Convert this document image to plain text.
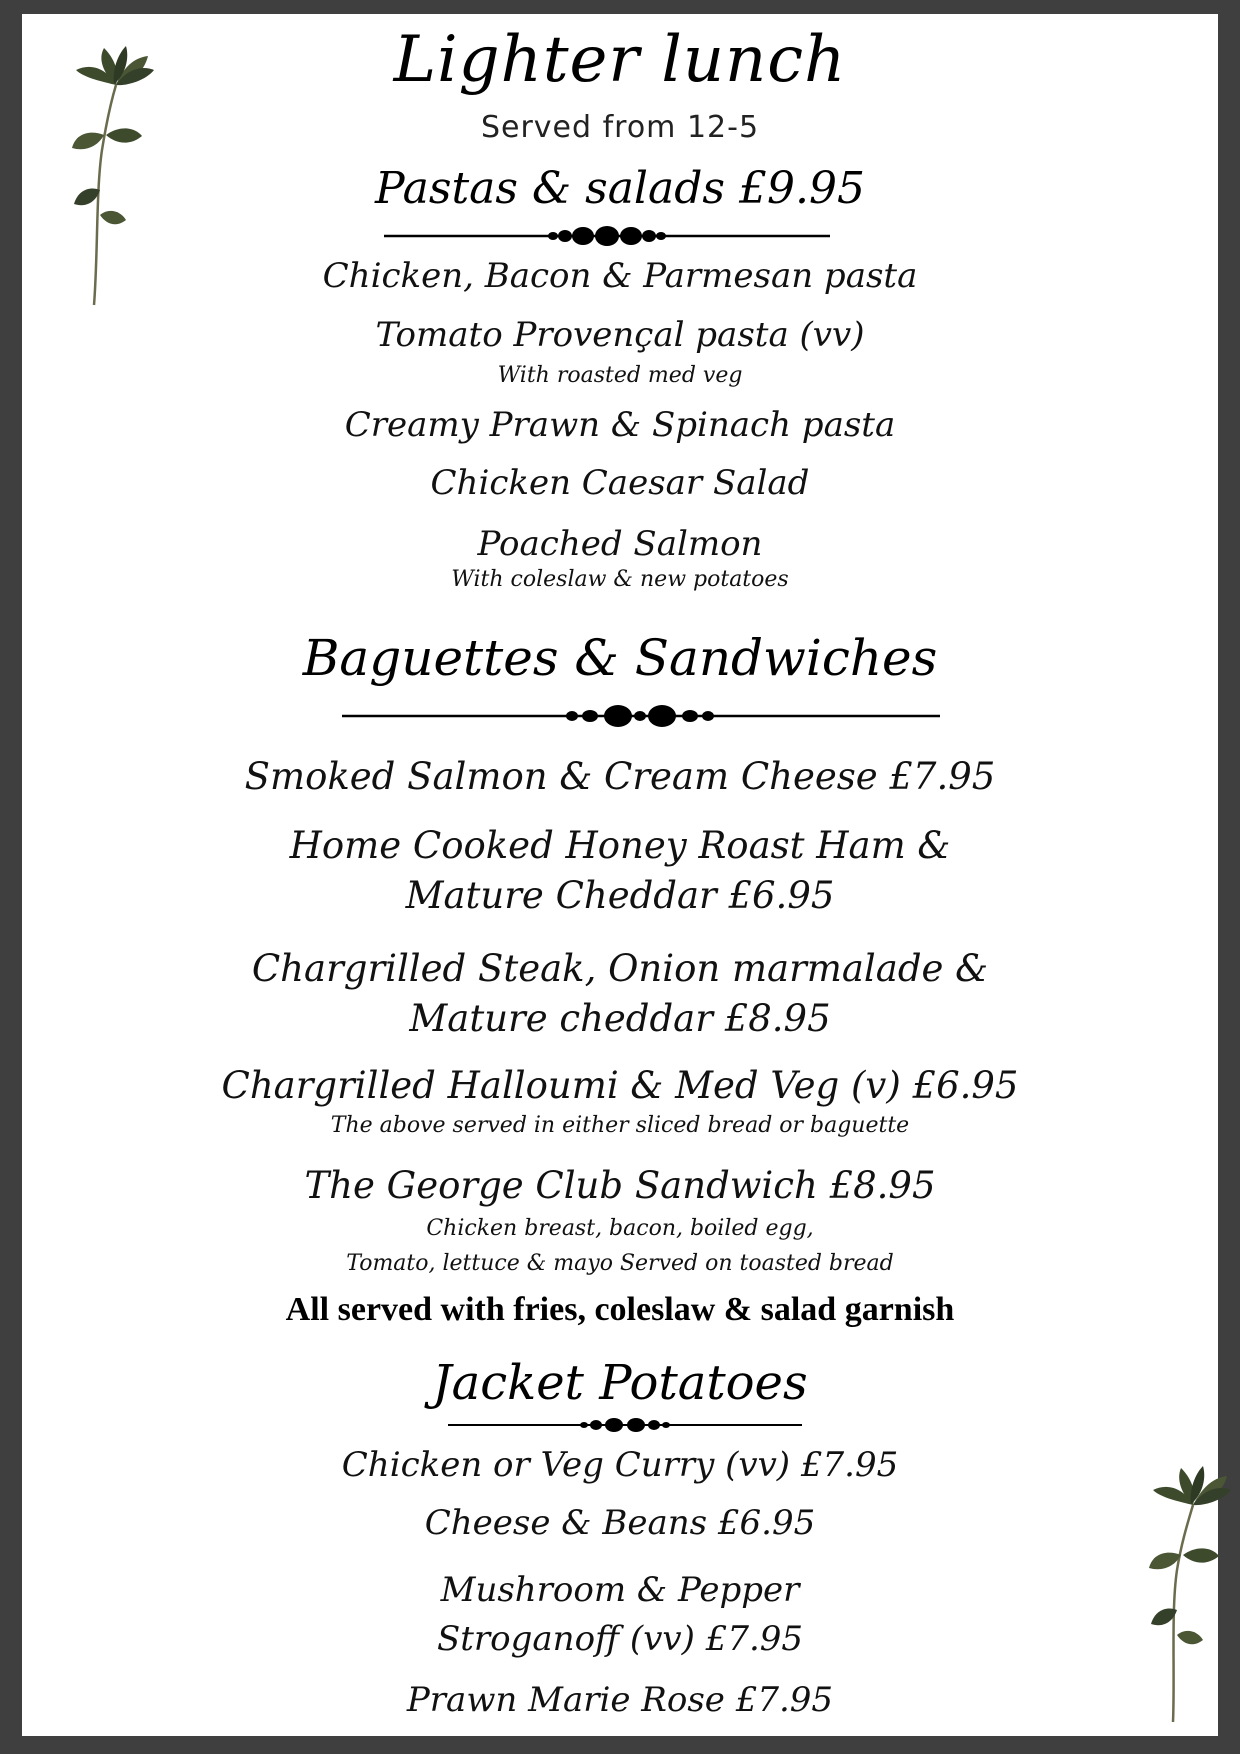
Lighter lunch
Served from 12-5
Pastas & salads £9.95
Chicken, Bacon & Parmesan pasta
Tomato Provençal pasta (vv)
With roasted med veg
Creamy Prawn & Spinach pasta
Chicken Caesar Salad
Poached Salmon
With coleslaw & new potatoes
Baguettes & Sandwiches
Smoked Salmon & Cream Cheese £7.95
Home Cooked Honey Roast Ham &
Mature Cheddar £6.95
Chargrilled Steak, Onion marmalade &
Mature cheddar £8.95
Chargrilled Halloumi & Med Veg (v) £6.95
The above served in either sliced bread or baguette
The George Club Sandwich £8.95
Chicken breast, bacon, boiled egg,
Tomato, lettuce & mayo Served on toasted bread
All served with fries, coleslaw & salad garnish
Jacket Potatoes
Chicken or Veg Curry (vv) £7.95
Cheese & Beans £6.95
Mushroom & Pepper
Stroganoff (vv) £7.95
Prawn Marie Rose £7.95
